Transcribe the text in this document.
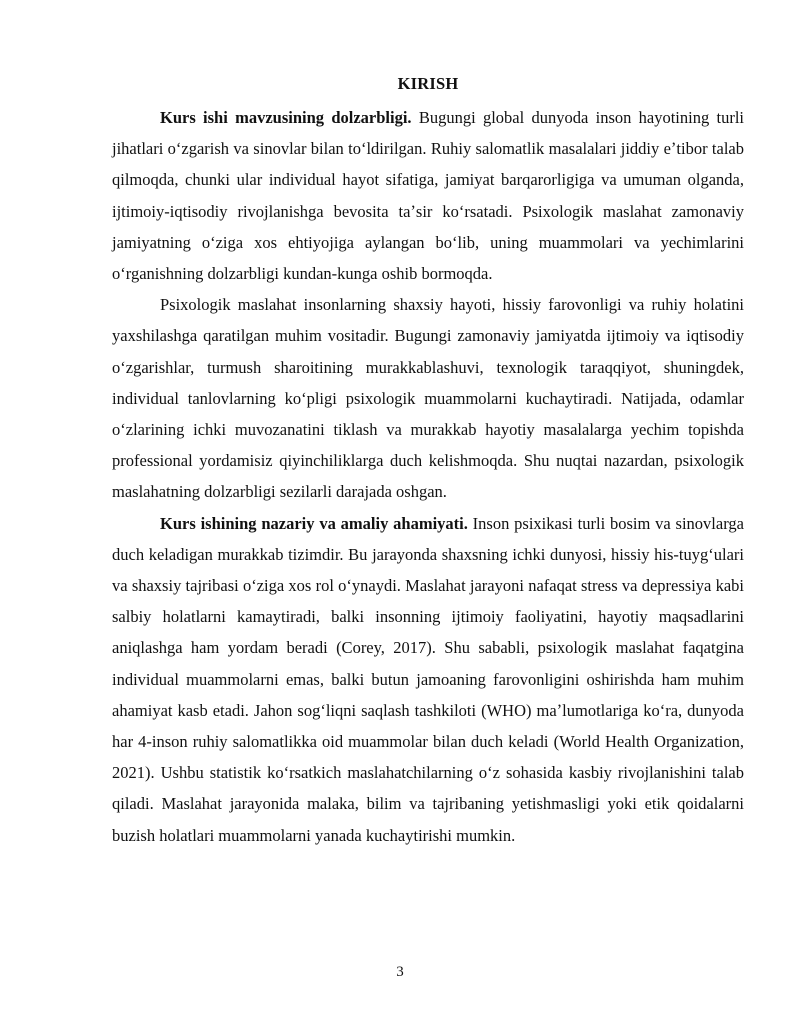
KIRISH

Kurs ishi mavzusining dolzarbligi. Bugungi global dunyoda inson hayotining turli jihatlari oʻzgarish va sinovlar bilan toʻldirilgan. Ruhiy salomatlik masalalari jiddiy eʼtibor talab qilmoqda, chunki ular individual hayot sifatiga, jamiyat barqarorligiga va umuman olganda, ijtimoiy-iqtisodiy rivojlanishga bevosita taʼsir koʻrsatadi. Psixologik maslahat zamonaviy jamiyatning oʻziga xos ehtiyojiga aylangan boʻlib, uning muammolari va yechimlarini oʻrganishning dolzarbligi kundan-kunga oshib bormoqda.

Psixologik maslahat insonlarning shaxsiy hayoti, hissiy farovonligi va ruhiy holatini yaxshilashga qaratilgan muhim vositadir. Bugungi zamonaviy jamiyatda ijtimoiy va iqtisodiy oʻzgarishlar, turmush sharoitining murakkablashuvi, texnologik taraqqiyot, shuningdek, individual tanlovlarning koʻpligi psixologik muammolarni kuchaytiradi. Natijada, odamlar oʻzlarining ichki muvozanatini tiklash va murakkab hayotiy masalalarga yechim topishda professional yordamisiz qiyinchiliklarga duch kelishmoqda. Shu nuqtai nazardan, psixologik maslahatning dolzarbligi sezilarli darajada oshgan.

Kurs ishining nazariy va amaliy ahamiyati. Inson psixikasi turli bosim va sinovlarga duch keladigan murakkab tizimdir. Bu jarayonda shaxsning ichki dunyosi, hissiy his-tuygʻulari va shaxsiy tajribasi oʻziga xos rol oʻynaydi. Maslahat jarayoni nafaqat stress va depressiya kabi salbiy holatlarni kamaytiradi, balki insonning ijtimoiy faoliyatini, hayotiy maqsadlarini aniqlashga ham yordam beradi (Corey, 2017). Shu sababli, psixologik maslahat faqatgina individual muammolarni emas, balki butun jamoaning farovonligini oshirishda ham muhim ahamiyat kasb etadi. Jahon sogʻliqni saqlash tashkiloti (WHO) maʼlumotlariga koʻra, dunyoda har 4-inson ruhiy salomatlikka oid muammolar bilan duch keladi (World Health Organization, 2021). Ushbu statistik koʻrsatkich maslahatchilarning oʻz sohasida kasbiy rivojlanishini talab qiladi. Maslahat jarayonida malaka, bilim va tajribaning yetishmasligi yoki etik qoidalarni buzish holatlari muammolarni yanada kuchaytirishi mumkin.

3
